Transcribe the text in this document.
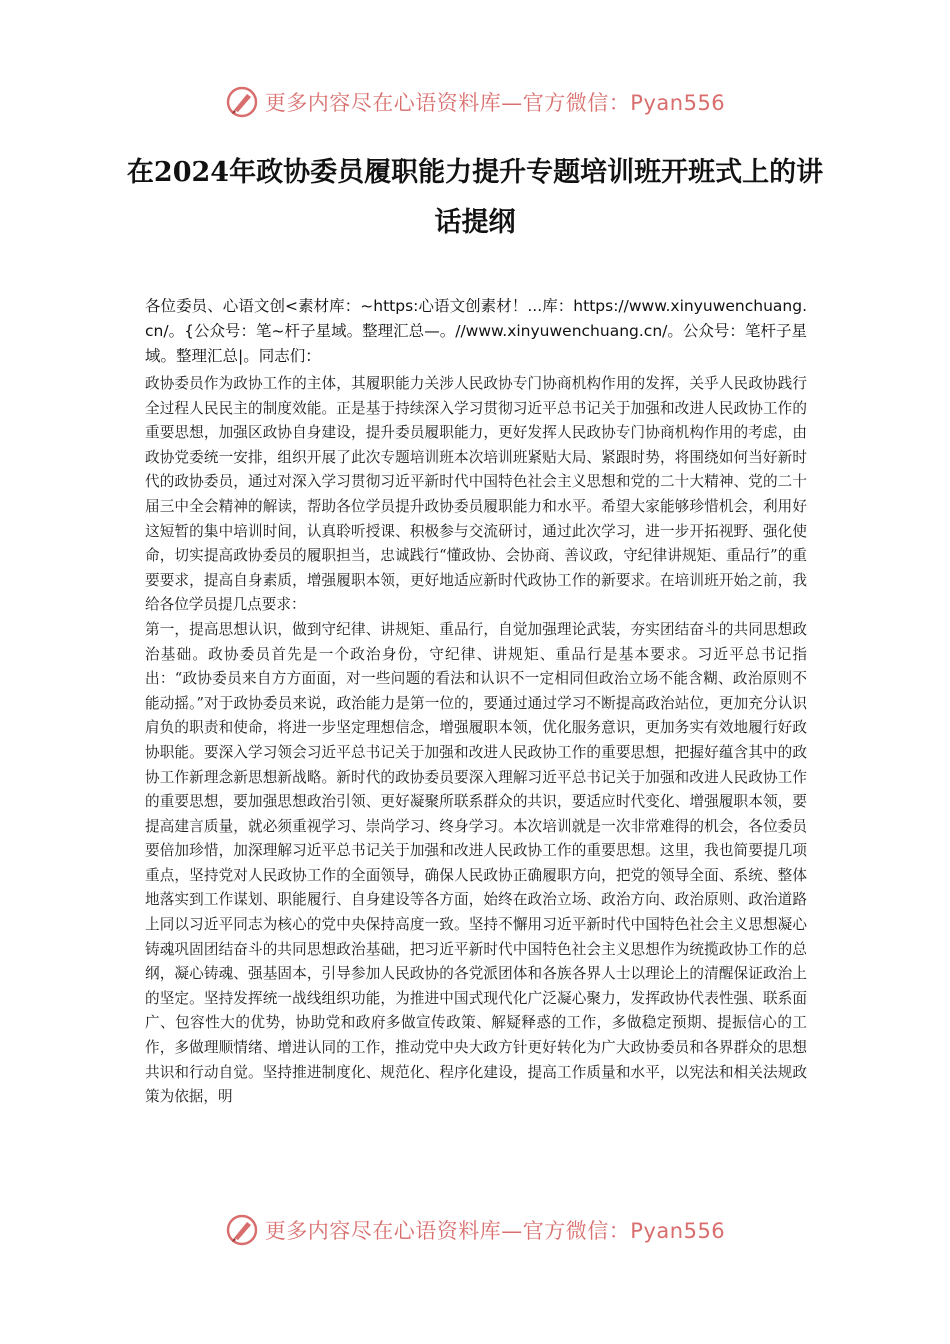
更多内容尽在心语资料库—官方微信：Pyan556
在2024年政协委员履职能力提升专题培训班开班式上的讲话提纲

各位委员、心语文创<素材库：~https:心语文创素材！...库：https://www.xinyuwenchuang.cn/。{公众号：笔~杆子星域。整理汇总—。//www.xinyuwenchuang.cn/。公众号：笔杆子星域。整理汇总|。同志们：

政协委员作为政协工作的主体，其履职能力关涉人民政协专门协商机构作用的发挥，关乎人民政协践行全过程人民民主的制度效能。正是基于持续深入学习贯彻习近平总书记关于加强和改进人民政协工作的重要思想，加强区政协自身建设，提升委员履职能力，更好发挥人民政协专门协商机构作用的考虑，由政协党委统一安排，组织开展了此次专题培训班本次培训班紧贴大局、紧跟时势，将围绕如何当好新时代的政协委员，通过对深入学习贯彻习近平新时代中国特色社会主义思想和党的二十大精神、党的二十届三中全会精神的解读，帮助各位学员提升政协委员履职能力和水平。希望大家能够珍惜机会，利用好这短暂的集中培训时间，认真聆听授课、积极参与交流研讨，通过此次学习，进一步开拓视野、强化使命，切实提高政协委员的履职担当，忠诚践行“懂政协、会协商、善议政，守纪律讲规矩、重品行”的重要要求，提高自身素质，增强履职本领，更好地适应新时代政协工作的新要求。在培训班开始之前，我给各位学员提几点要求：

第一，提高思想认识，做到守纪律、讲规矩、重品行，自觉加强理论武装，夯实团结奋斗的共同思想政治基础。政协委员首先是一个政治身份，守纪律、讲规矩、重品行是基本要求。习近平总书记指出：“政协委员来自方方面面，对一些问题的看法和认识不一定相同但政治立场不能含糊、政治原则不能动摇。”对于政协委员来说，政治能力是第一位的，要通过通过学习不断提高政治站位，更加充分认识肩负的职责和使命，将进一步坚定理想信念，增强履职本领，优化服务意识，更加务实有效地履行好政协职能。要深入学习领会习近平总书记关于加强和改进人民政协工作的重要思想，把握好蕴含其中的政协工作新理念新思想新战略。新时代的政协委员要深入理解习近平总书记关于加强和改进人民政协工作的重要思想，要加强思想政治引领、更好凝聚所联系群众的共识，要适应时代变化、增强履职本领，要提高建言质量，就必须重视学习、崇尚学习、终身学习。本次培训就是一次非常难得的机会，各位委员要倍加珍惜，加深理解习近平总书记关于加强和改进人民政协工作的重要思想。这里，我也简要提几项重点，坚持党对人民政协工作的全面领导，确保人民政协正确履职方向，把党的领导全面、系统、整体地落实到工作谋划、职能履行、自身建设等各方面，始终在政治立场、政治方向、政治原则、政治道路上同以习近平同志为核心的党中央保持高度一致。坚持不懈用习近平新时代中国特色社会主义思想凝心铸魂巩固团结奋斗的共同思想政治基础，把习近平新时代中国特色社会主义思想作为统揽政协工作的总纲，凝心铸魂、强基固本，引导参加人民政协的各党派团体和各族各界人士以理论上的清醒保证政治上的坚定。坚持发挥统一战线组织功能，为推进中国式现代化广泛凝心聚力，发挥政协代表性强、联系面广、包容性大的优势，协助党和政府多做宣传政策、解疑释惑的工作，多做稳定预期、提振信心的工作，多做理顺情绪、增进认同的工作，推动党中央大政方针更好转化为广大政协委员和各界群众的思想共识和行动自觉。坚持推进制度化、规范化、程序化建设，提高工作质量和水平，以宪法和相关法规政策为依据，明

更多内容尽在心语资料库—官方微信：Pyan556
